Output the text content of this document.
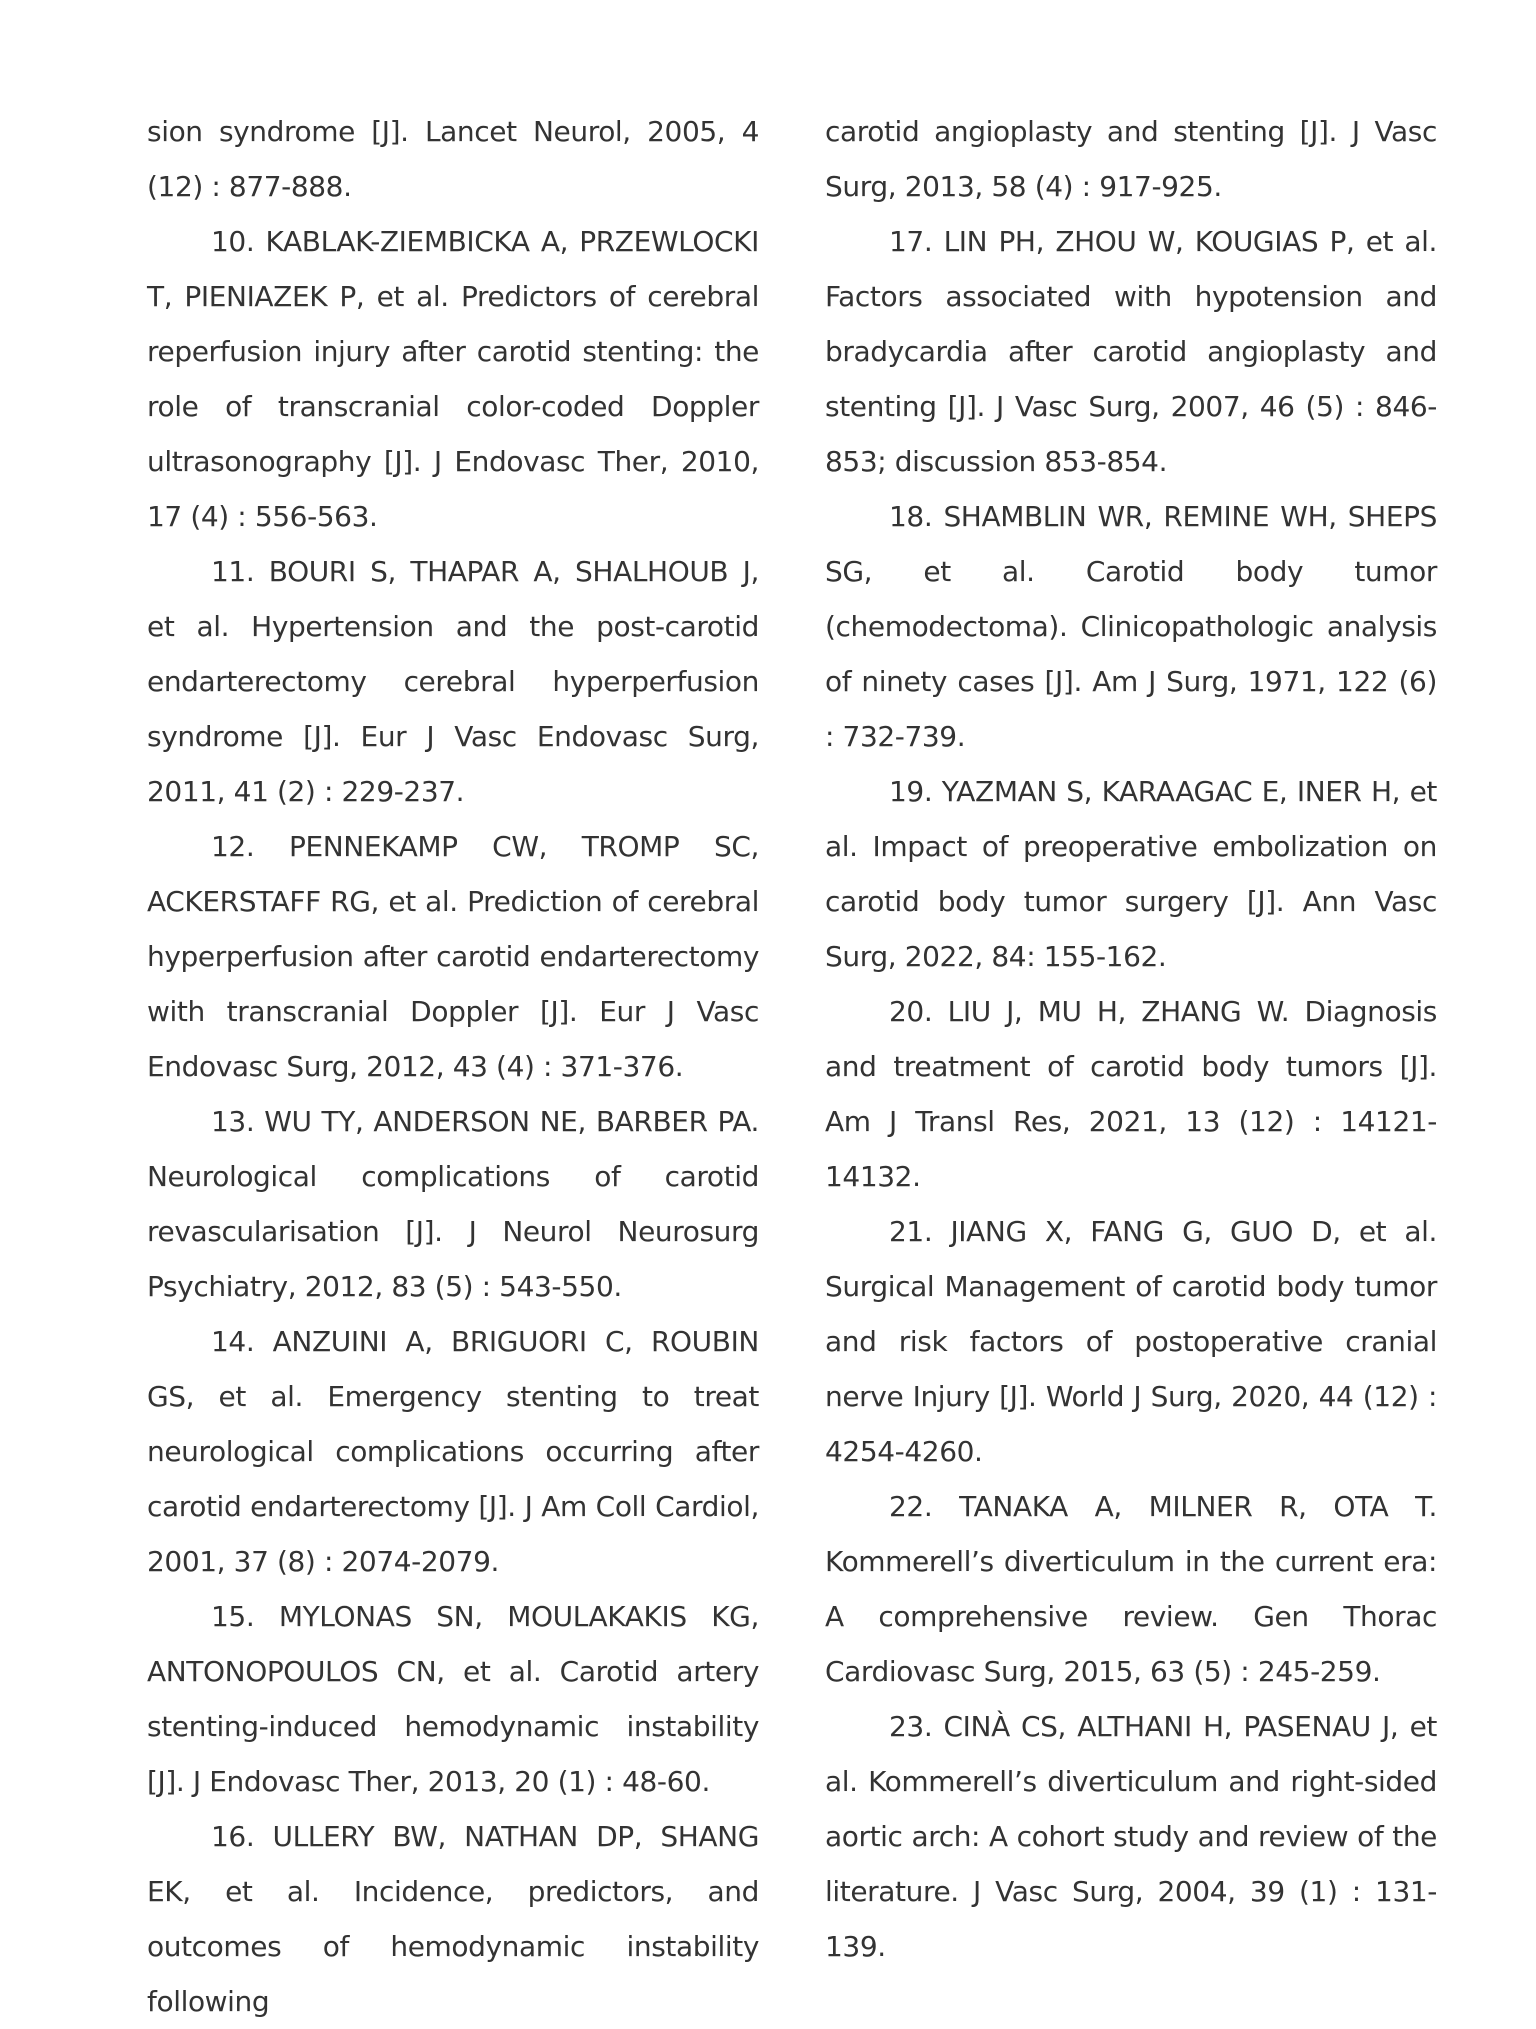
sion syndrome [J]. Lancet Neurol, 2005, 4 (12) : 877-888.

10. KABLAK-ZIEMBICKA A, PRZEWLOCKI T, PIENIAZEK P, et al. Predictors of cerebral reperfusion injury after carotid stenting: the role of transcranial color-coded Doppler ultrasonography [J]. J Endovasc Ther, 2010, 17 (4) : 556-563.

11. BOURI S, THAPAR A, SHALHOUB J, et al. Hypertension and the post-carotid endarterectomy cerebral hyperperfusion syndrome [J]. Eur J Vasc Endovasc Surg, 2011, 41 (2) : 229-237.

12. PENNEKAMP CW, TROMP SC, ACKERSTAFF RG, et al. Prediction of cerebral hyperperfusion after carotid endarterectomy with transcranial Doppler [J]. Eur J Vasc Endovasc Surg, 2012, 43 (4) : 371-376.

13. WU TY, ANDERSON NE, BARBER PA. Neurological complications of carotid revascularisation [J]. J Neurol Neurosurg Psychiatry, 2012, 83 (5) : 543-550.

14. ANZUINI A, BRIGUORI C, ROUBIN GS, et al. Emergency stenting to treat neurological complications occurring after carotid endarterectomy [J]. J Am Coll Cardiol, 2001, 37 (8) : 2074-2079.

15. MYLONAS SN, MOULAKAKIS KG, ANTONOPOULOS CN, et al. Carotid artery stenting-induced hemodynamic instability [J]. J Endovasc Ther, 2013, 20 (1) : 48-60.

16. ULLERY BW, NATHAN DP, SHANG EK, et al. Incidence, predictors, and outcomes of hemodynamic instability following

carotid angioplasty and stenting [J]. J Vasc Surg, 2013, 58 (4) : 917-925.

17. LIN PH, ZHOU W, KOUGIAS P, et al. Factors associated with hypotension and bradycardia after carotid angioplasty and stenting [J]. J Vasc Surg, 2007, 46 (5) : 846-853; discussion 853-854.

18. SHAMBLIN WR, REMINE WH, SHEPS SG, et al. Carotid body tumor (chemodectoma). Clinicopathologic analysis of ninety cases [J]. Am J Surg, 1971, 122 (6) : 732-739.

19. YAZMAN S, KARAAGAC E, INER H, et al. Impact of preoperative embolization on carotid body tumor surgery [J]. Ann Vasc Surg, 2022, 84: 155-162.

20. LIU J, MU H, ZHANG W. Diagnosis and treatment of carotid body tumors [J]. Am J Transl Res, 2021, 13 (12) : 14121-14132.

21. JIANG X, FANG G, GUO D, et al. Surgical Management of carotid body tumor and risk factors of postoperative cranial nerve Injury [J]. World J Surg, 2020, 44 (12) : 4254-4260.

22. TANAKA A, MILNER R, OTA T. Kommerell’s diverticulum in the current era: A comprehensive review. Gen Thorac Cardiovasc Surg, 2015, 63 (5) : 245-259.

23. CINÀ CS, ALTHANI H, PASENAU J, et al. Kommerell’s diverticulum and right-sided aortic arch: A cohort study and review of the literature. J Vasc Surg, 2004, 39 (1) : 131-139.
